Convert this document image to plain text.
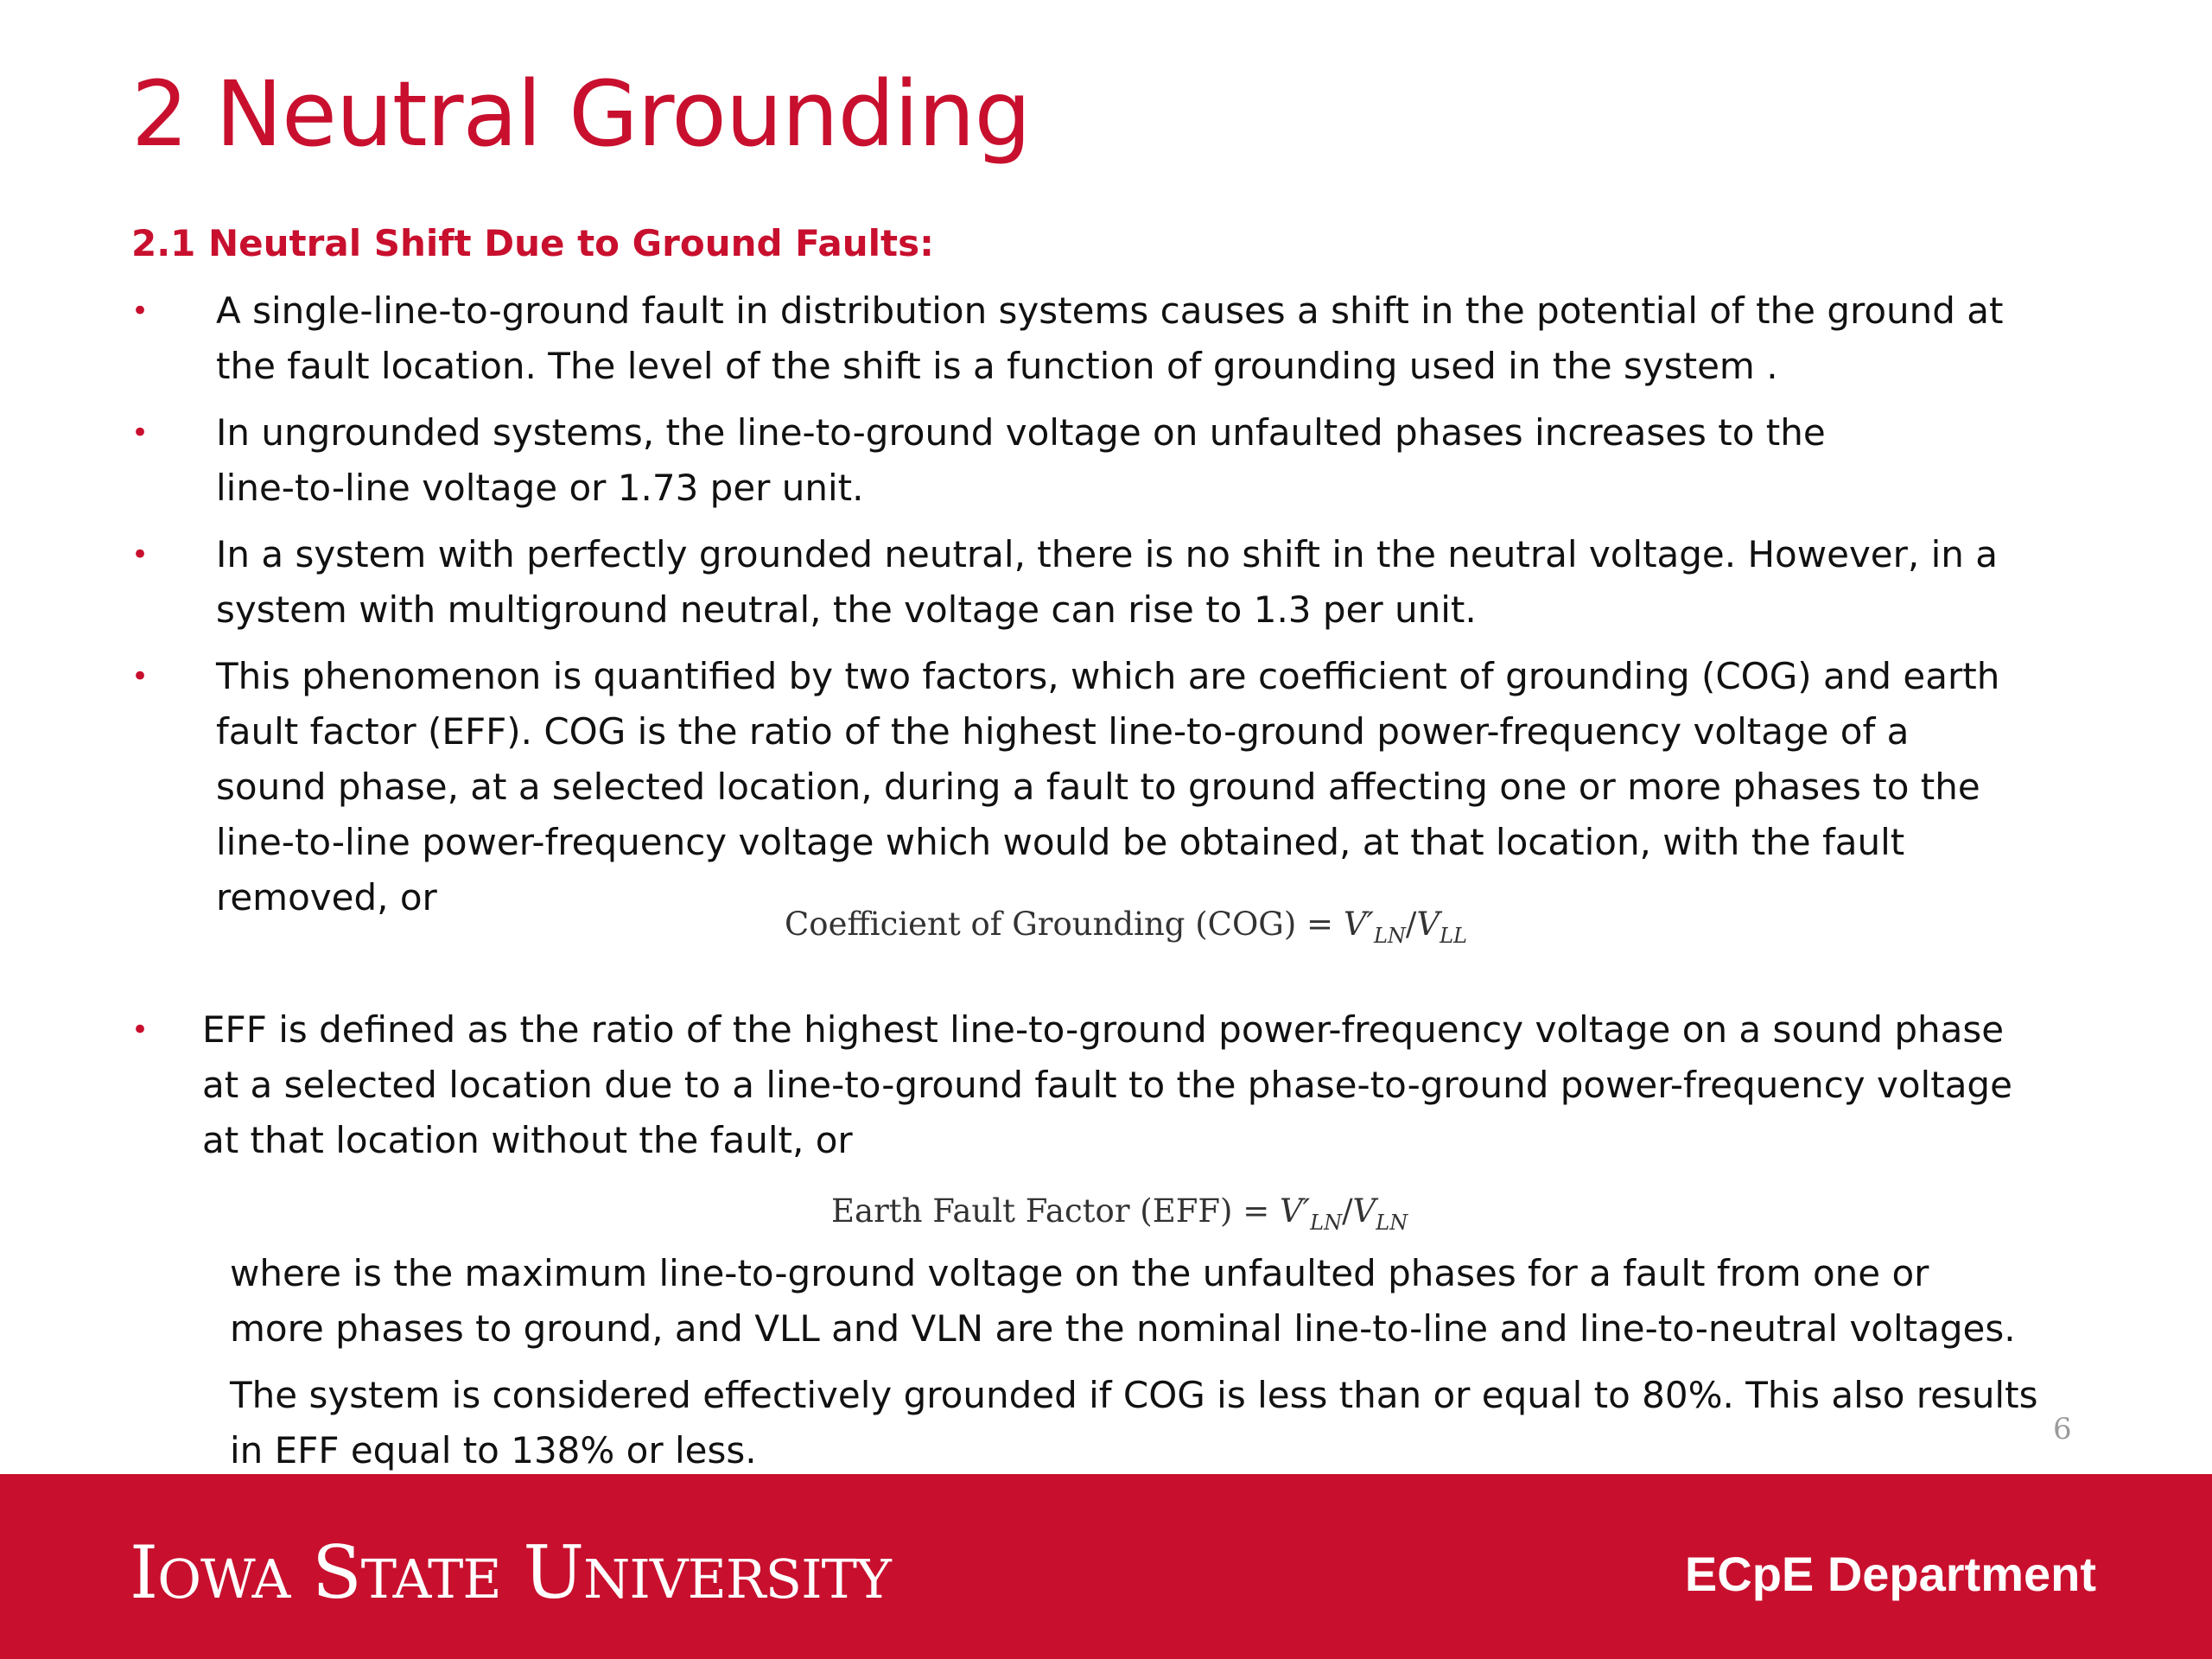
2 Neutral Grounding
2.1 Neutral Shift Due to Ground Faults:
• A single-line-to-ground fault in distribution systems causes a shift in the potential of the ground at
the fault location. The level of the shift is a function of grounding used in the system .

• In ungrounded systems, the line-to-ground voltage on unfaulted phases increases to the
line-to-line voltage or 1.73 per unit.

• In a system with perfectly grounded neutral, there is no shift in the neutral voltage. However, in a
system with multiground neutral, the voltage can rise to 1.3 per unit.

• This phenomenon is quantified by two factors, which are coefficient of grounding (COG) and earth
fault factor (EFF). COG is the ratio of the highest line-to-ground power-frequency voltage of a
sound phase, at a selected location, during a fault to ground affecting one or more phases to the
line-to-line power-frequency voltage which would be obtained, at that location, with the fault
removed, or

Coefficient of Grounding $(COG) = V'_{LN}/V_{LL}$
• EFF is defined as the ratio of the highest line-to-ground power-frequency voltage on a sound phase
at a selected location due to a line-to-ground fault to the phase-to-ground power-frequency voltage
at that location without the fault, or

Earth Fault Factor $(EFF) = V'_{LN}/V_{LN}$

where is the maximum line-to-ground voltage on the unfaulted phases for a fault from one or
more phases to ground, and VLL and VLN are the nominal line-to-line and line-to-neutral voltages.

The system is considered effectively grounded if COG is less than or equal to 80%. This also results
in EFF equal to 138% or less.	6
IOWA STATE UNIVERSITY	ECpE Department
